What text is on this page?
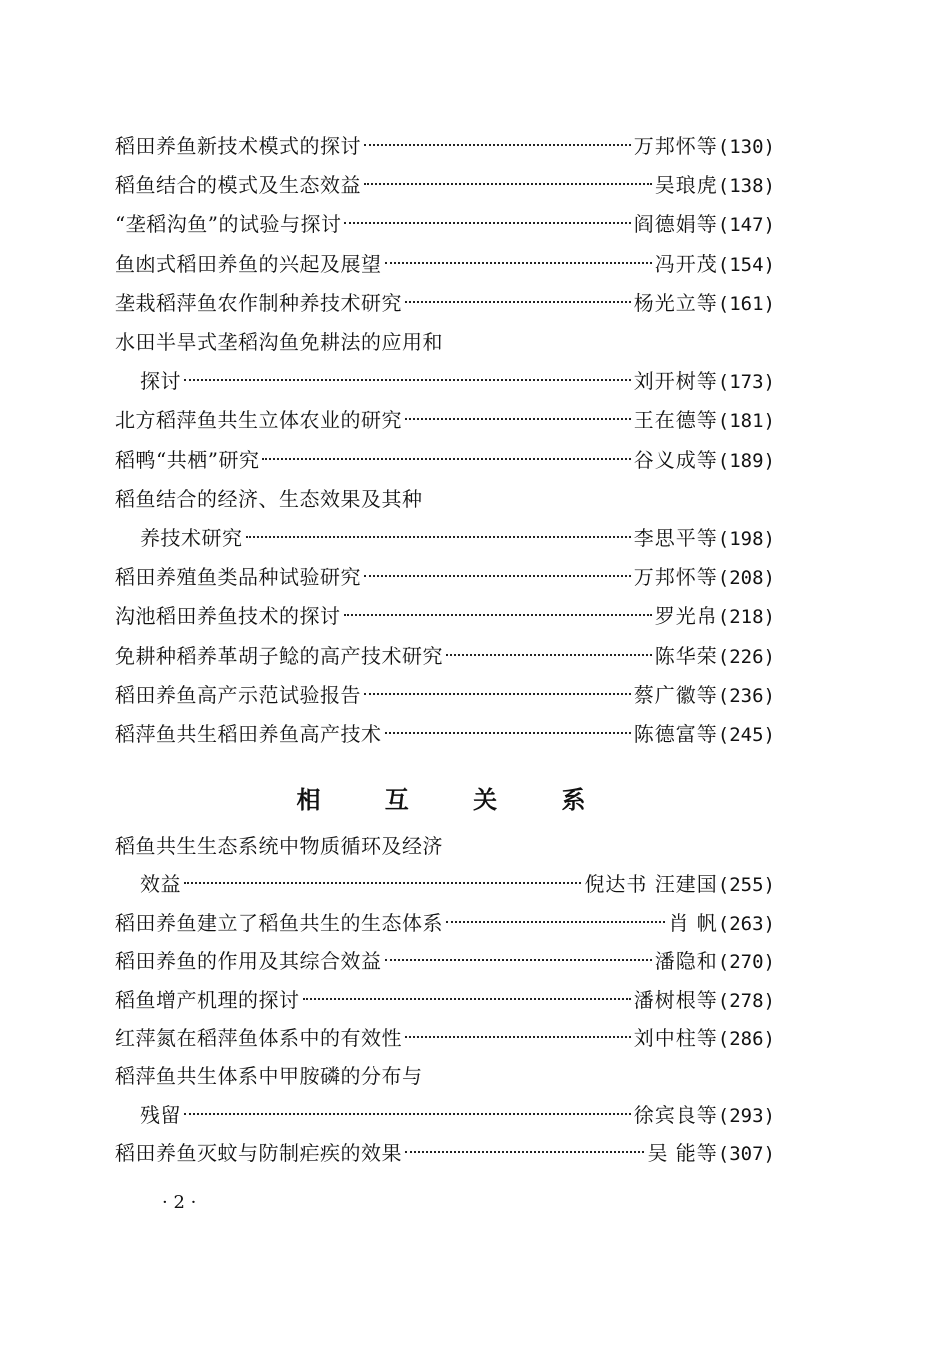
稻田养鱼新技术模式的探讨	万邦怀等 (130)
稻鱼结合的模式及生态效益	吴琅虎 (138)
“垄稻沟鱼”的试验与探讨	阎德娟等 (147)
鱼凼式稻田养鱼的兴起及展望	冯开茂 (154)
垄栽稻萍鱼农作制种养技术研究	杨光立等 (161)
水田半旱式垄稻沟鱼免耕法的应用和
探讨	刘开树等 (173)
北方稻萍鱼共生立体农业的研究	王在德等 (181)
稻鸭“共栖”研究	谷义成等 (189)
稻鱼结合的经济、生态效果及其种
养技术研究	李思平等 (198)
稻田养殖鱼类品种试验研究	万邦怀等 (208)
沟池稻田养鱼技术的探讨	罗光帛 (218)
免耕种稻养革胡子鲶的高产技术研究	陈华荣 (226)
稻田养鱼高产示范试验报告	蔡广徽等 (236)
稻萍鱼共生稻田养鱼高产技术	陈德富等 (245)
稻鱼共生生态系统中物质循环及经济
效益	倪达书 汪建国 (255)
稻田养鱼建立了稻鱼共生的生态体系	肖 帆 (263)
稻田养鱼的作用及其综合效益	潘隐和 (270)
稻鱼增产机理的探讨	潘树根等 (278)
红萍氮在稻萍鱼体系中的有效性	刘中柱等 (286)
稻萍鱼共生体系中甲胺磷的分布与
残留	徐宾良等 (293)
稻田养鱼灭蚊与防制疟疾的效果	吴 能等 (307)
相 互 关 系
· 2 ·
